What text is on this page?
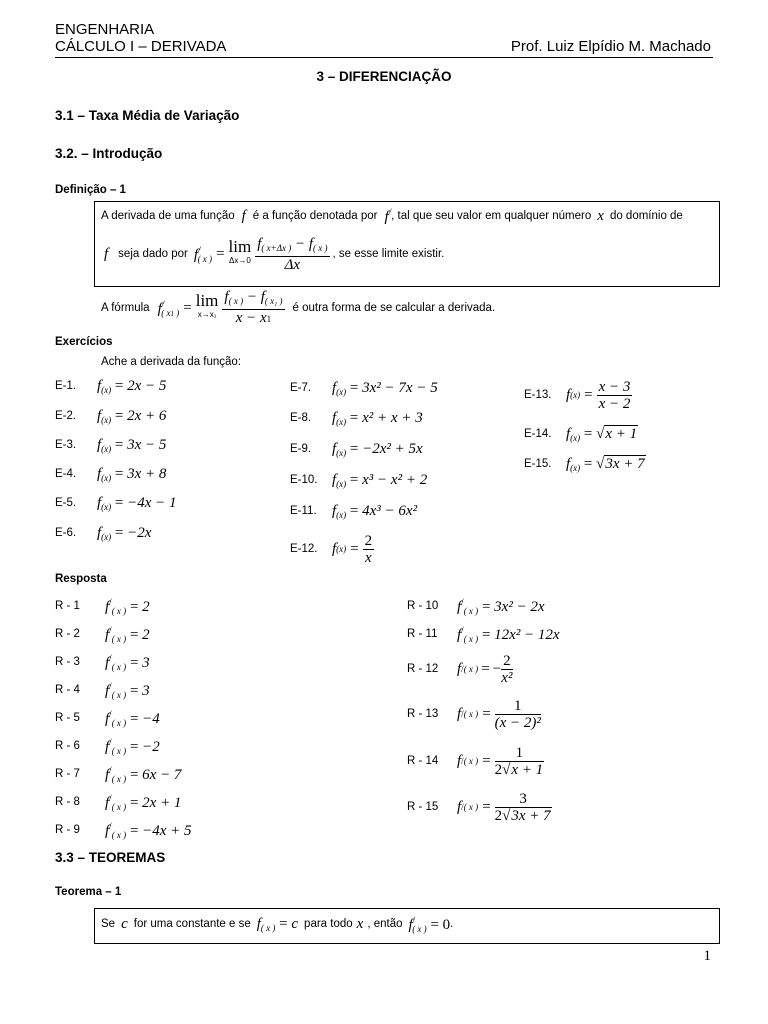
ENGENHARIA
CÁLCULO I – DERIVADA	Prof. Luiz Elpídio M. Machado
3 – DIFERENCIAÇÃO
3.1 – Taxa Média de Variação
3.2. – Introdução
Definição – 1
A derivada de uma função f é a função denotada por f/ , tal que seu valor em qualquer número x do domínio de
f seja dado por $f^/_{( x )} = \lim$
$\Delta x\to 0 \frac{f_{( x+\Delta x )} - f_{( x )}}{\Delta x}$ , se esse limite existir.
A fórmula $f^/_{( x1 )} = \lim$
$x\to x_1 \frac{f_{( x )} - f_{( x_1 )}}{x - x1}$ é outra forma de se calcular a derivada.
Exercícios
Ache a derivada da função:
E-1.	$f_{(x)} = 2x - 5$
E-2.	$f_{(x)} = 2x + 6$
E-3.	$f_{(x)} = 3x - 5$
E-4.	$f_{(x)} = 3x + 8$
E-5.	$f_{(x)} = -4x - 1$
E-6.	$f_{(x)} = -2x$
E-7.	$f_{(x)} = 3x^2 - 7x - 5$
E-8.	$f_{(x)} = x^2 + x + 3$
E-9.	$f_{(x)} = -2x^2 + 5x$
E-10. $f_{(x)} = x^3 - x^2 + 2$
E-11.	$f_{(x)} = 4x^3 - 6x^2$
E-12. f $(x) = \frac{2}{x}$
E-13. f $(x) = \frac{x - 3}{x - 2}$
E-14. $f_{(x)} = √x + 1$
E-15. $f_{(x)} = √3x + 7$
Resposta
R - 1	$f^/_{( x )} = 2$
R - 2	$f^/_{( x )} = 2$
R - 3	$f^/_{( x )} = 3$
R - 4	$f^/_{( x )} = 3$
R - 5	$f^/_{( x )} = -4$
R - 6	$f^/_{( x )} = -2$
R - 7	$f^/_{( x )} = 6x - 7$
R - 8	$f^/_{( x )} = 2x + 1$
R - 9	$f^/_{( x )} = -4x + 5$
R - 10	$f^/_{( x )} = 3x^2 - 2x$
R - 11	$f^/_{( x )} = 12x^2 - 12x$
R - 12	f / ( x ) = − $\frac{2}{\text{x²}}$
R - 13	f / ( x ) = $\frac{1}{\text{(x − 2)²}}$
R - 14	f / ( x ) = $\frac{1}{2√x + 1}$
R - 15	f / ( x ) = $\frac{3}{2√3x + 7}$
3.3 – TEOREMAS
Teorema – 1
Se c for uma constante e se $f_{( x )} = c$ para todo x , então $f^/_{( x )} = 0$ .
1
